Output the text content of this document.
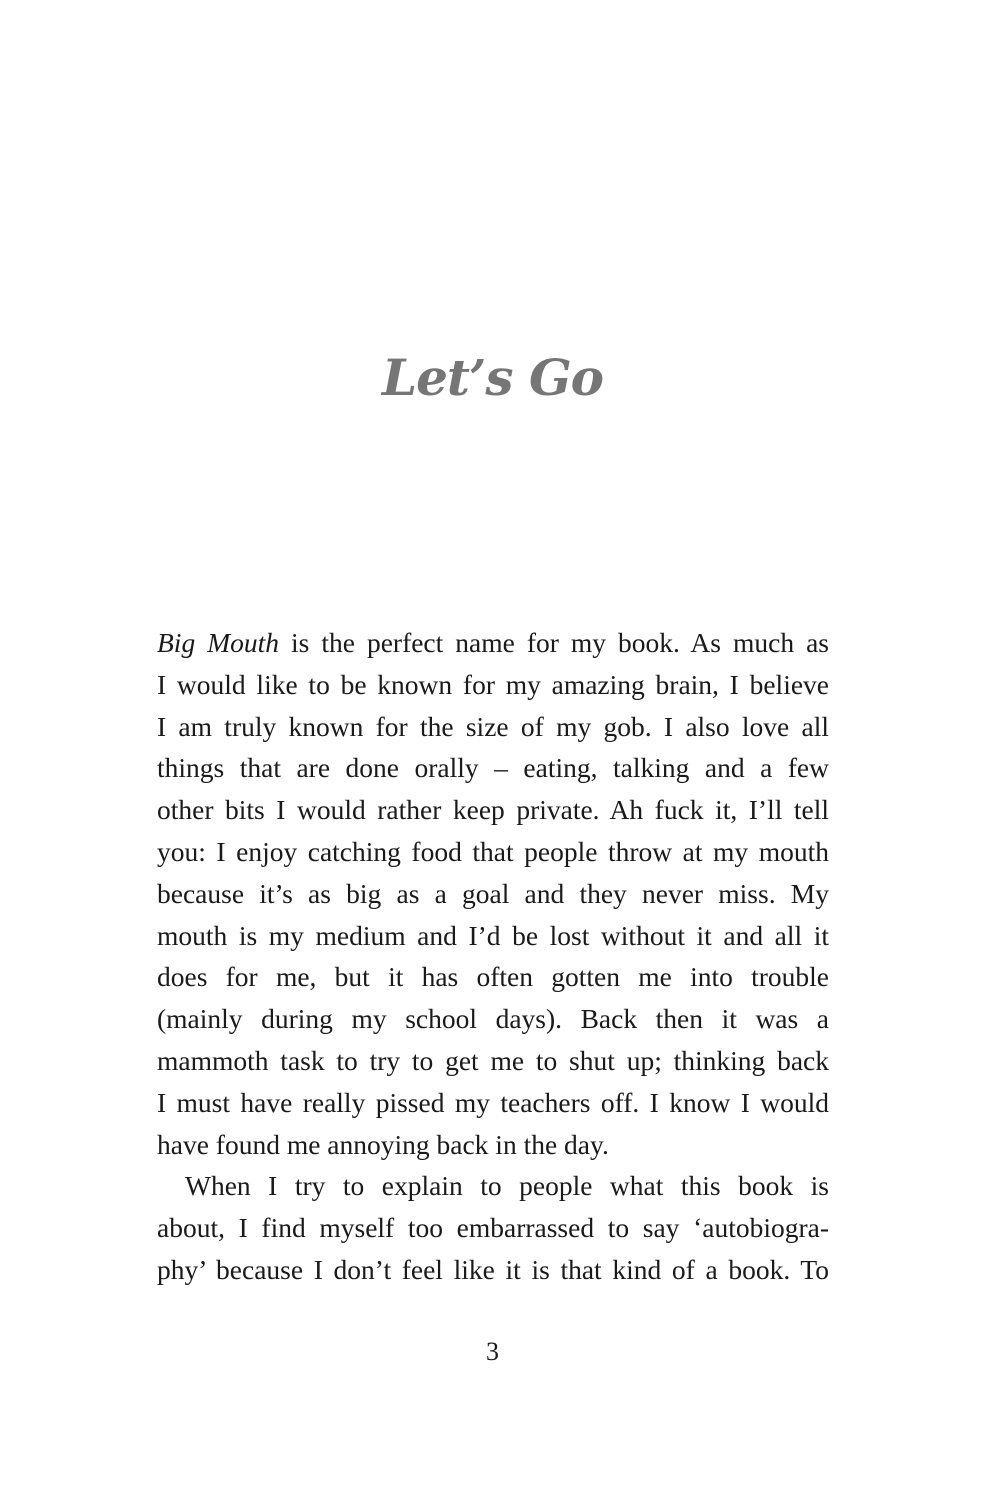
Let’s Go

Big Mouth is the perfect name for my book. As much as
I would like to be known for my amazing brain, I believe
I am truly known for the size of my gob. I also love all
things that are done orally – eating, talking and a few
other bits I would rather keep private. Ah fuck it, I’ll tell
you: I enjoy catching food that people throw at my mouth
because it’s as big as a goal and they never miss. My
mouth is my medium and I’d be lost without it and all it
does for me, but it has often gotten me into trouble
(mainly during my school days). Back then it was a
mammoth task to try to get me to shut up; thinking back
I must have really pissed my teachers off. I know I would
have found me annoying back in the day.

When I try to explain to people what this book is
about, I find myself too embarrassed to say ‘autobiogra-
phy’ because I don’t feel like it is that kind of a book. To

3
